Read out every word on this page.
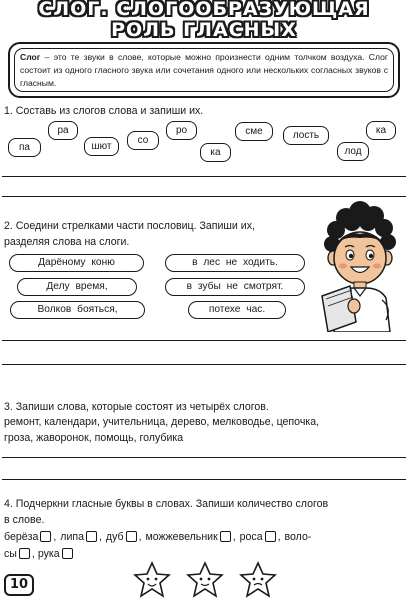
СЛОГ. СЛОГООБРАЗУЮЩАЯ
РОЛЬ ГЛАСНЫХ
Слог – это те звуки в слове, которые можно произнести одним толчком воздуха. Слог состоит из одного гласного звука или сочетания одного или нескольких согласных звуков с гласным.
1. Составь из слогов слова и запиши их.
па
ра
шют
со
ро
ка
сме	лость
лод
ка
2. Соедини стрелками части пословиц. Запиши их,
разделяя слова на слоги.
Дарёному коню
Делу время,
Волков бояться,
в лес не ходить.
в зубы не смотрят.
потехе час.
3. Запиши слова, которые состоят из четырёх слогов.
ремонт, календари, учительница, дерево, мелководье, цепочка,
гроза, жаворонок, помощь, голубика
4. Подчеркни гласные буквы в словах. Запиши количество слогов
в слове.
берёза , липа , дуб , можжевельник , роса , воло-
сы , рука
10
